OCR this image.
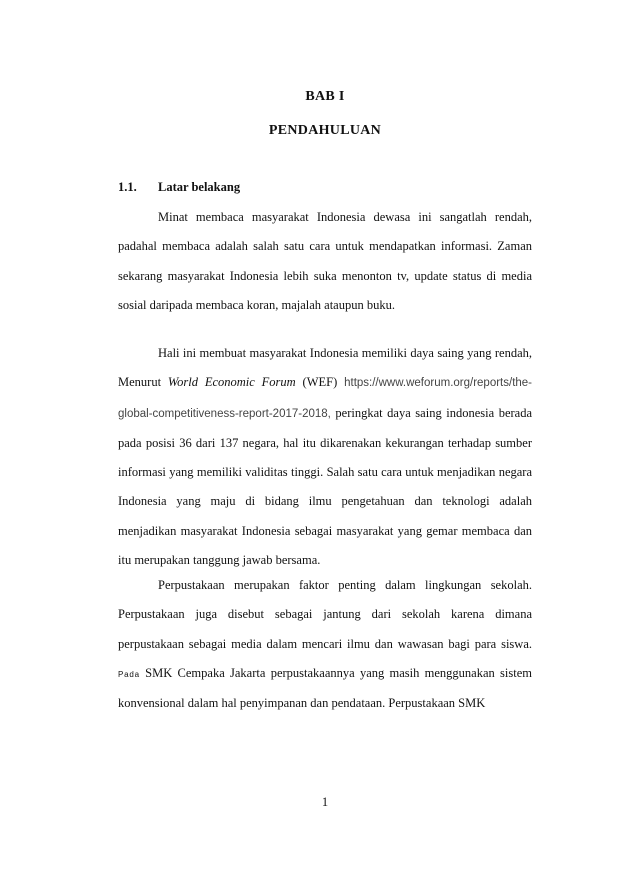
BAB I
PENDAHULUAN
1.1. Latar belakang

Minat membaca masyarakat Indonesia dewasa ini sangatlah rendah, padahal membaca adalah salah satu cara untuk mendapatkan informasi. Zaman sekarang masyarakat Indonesia lebih suka menonton tv, update status di media sosial daripada membaca koran, majalah ataupun buku.

Hali ini membuat masyarakat Indonesia memiliki daya saing yang rendah, Menurut World Economic Forum (WEF) https://www.weforum.org/reports/the-global-competitiveness-report-2017-2018, peringkat daya saing indonesia berada pada posisi 36 dari 137 negara, hal itu dikarenakan kekurangan terhadap sumber informasi yang memiliki validitas tinggi. Salah satu cara untuk menjadikan negara Indonesia yang maju di bidang ilmu pengetahuan dan teknologi adalah menjadikan masyarakat Indonesia sebagai masyarakat yang gemar membaca dan itu merupakan tanggung jawab bersama.

Perpustakaan merupakan faktor penting dalam lingkungan sekolah. Perpustakaan juga disebut sebagai jantung dari sekolah karena dimana perpustakaan sebagai media dalam mencari ilmu dan wawasan bagi para siswa. Pada SMK Cempaka Jakarta perpustakaannya yang masih menggunakan sistem konvensional dalam hal penyimpanan dan pendataan. Perpustakaan SMK

1
